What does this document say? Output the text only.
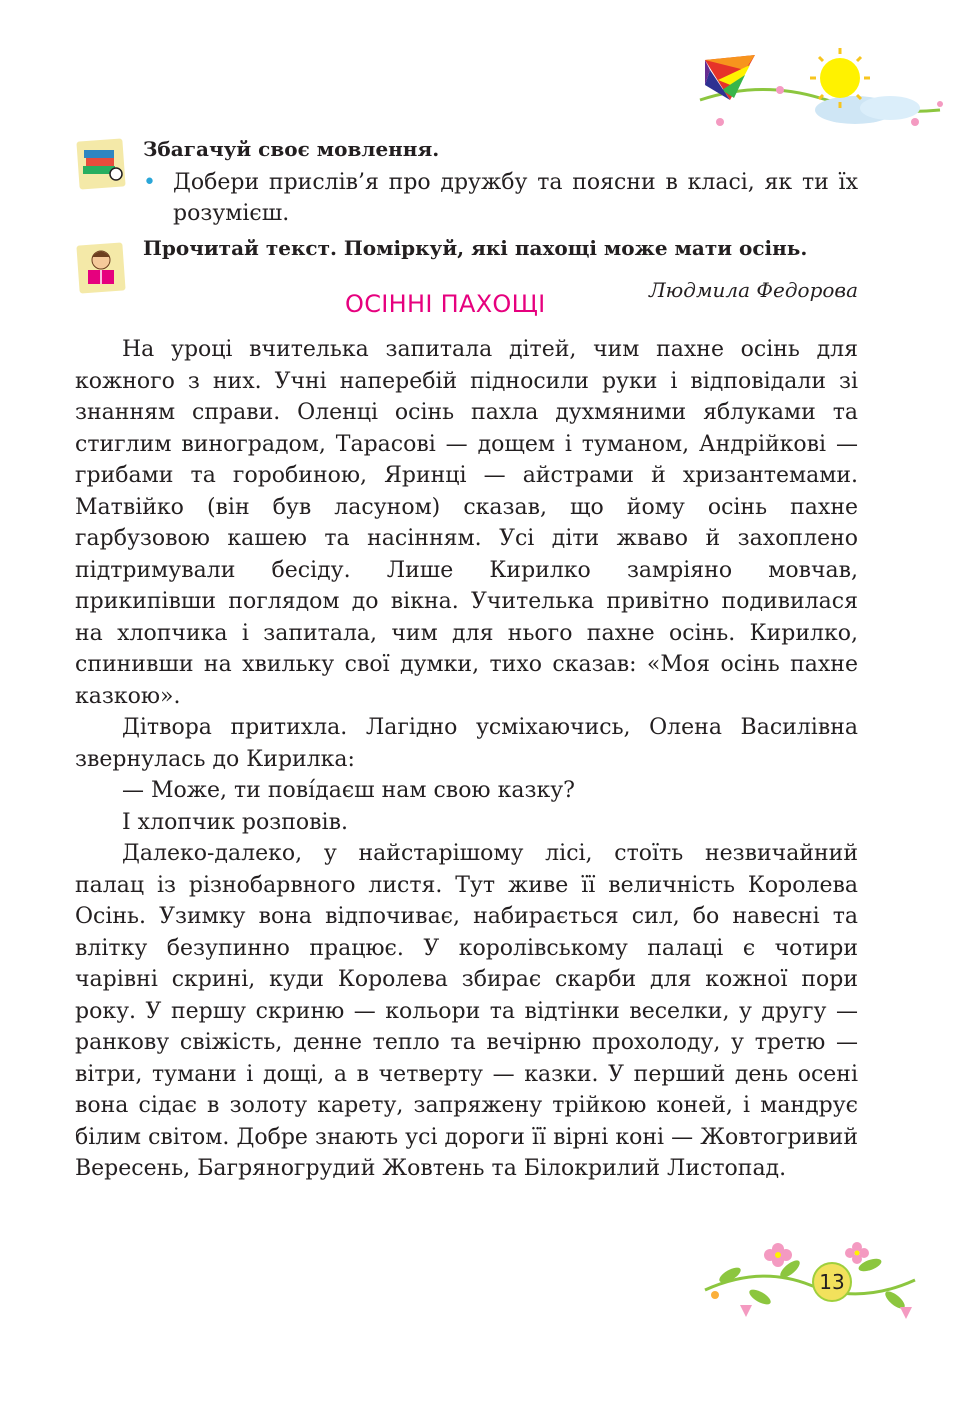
Збагачуй своє мовлення.

• Добери прислів’я про дружбу та поясни в класі, як ти їх розумієш.

Прочитай текст. Поміркуй, які пахощі може мати осінь.

Людмила Федорова

ОСІННІ ПАХОЩІ

На уроці вчителька запитала дітей, чим пахне осінь для кожного з них. Учні наперебій підносили руки і відповідали зі знанням справи. Оленці осінь пахла духмяними яблуками та стиглим виноградом, Тарасові — дощем і туманом, Андрійкові — грибами та горобиною, Яринці — айстрами й хризантемами. Матвійко (він був ласуном) сказав, що йому осінь пахне гарбузовою кашею та насінням. Усі діти жваво й захоплено підтримували бесіду. Лише Кирилко замріяно мовчав, прикипівши поглядом до вікна. Учителька привітно подивилася на хлопчика і запитала, чим для нього пахне осінь. Кирилко, спинивши на хвильку свої думки, тихо сказав: «Моя осінь пахне казкою».

Дітвора притихла. Лагідно усміхаючись, Олена Василівна звернулась до Кирилка:

— Може, ти пові́даєш нам свою казку?

І хлопчик розповів.

Далеко-далеко, у найстарішому лісі, стоїть незвичайний палац із різнобарвного листя. Тут живе її величність Королева Осінь. Узимку вона відпочиває, набирається сил, бо навесні та влітку безупинно працює. У королівському палаці є чотири чарівні скрині, куди Королева збирає скарби для кожної пори року. У першу скриню — кольори та відтінки веселки, у другу — ранкову свіжість, денне тепло та вечірню прохолоду, у третю — вітри, тумани і дощі, а в четверту — казки. У перший день осені вона сідає в золоту карету, запряжену трійкою коней, і мандрує білим світом. Добре знають усі дороги її вірні коні — Жовтогривий Вересень, Багряногрудий Жовтень та Білокрилий Листопад.

13
